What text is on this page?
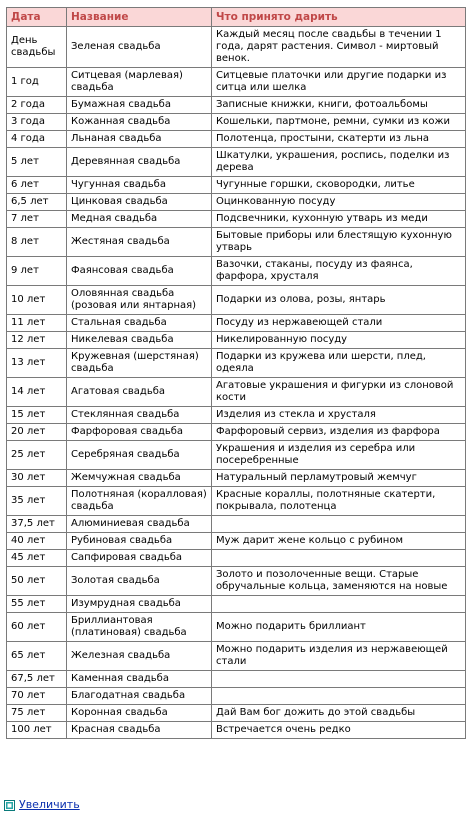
Дата	Название	Что принято дарить
День свадьбы	Зеленая свадьба	Каждый месяц после свадьбы в течении 1 года, дарят растения. Символ - миртовый венок.
1 год	Ситцевая (марлевая) свадьба	Ситцевые платочки или другие подарки из ситца или шелка
2 года	Бумажная свадьба	Записные книжки, книги, фотоальбомы
3 года	Кожанная свадьба	Кошельки, партмоне, ремни, сумки из кожи
4 года	Льнаная свадьба	Полотенца, простыни, скатерти из льна
5 лет	Деревянная свадьба	Шкатулки, украшения, роспись, поделки из дерева
6 лет	Чугунная свадьба	Чугунные горшки, сковородки, литье
6,5 лет	Цинковая свадьба	Оцинкованную посуду
7 лет	Медная свадьба	Подсвечники, кухонную утварь из меди
8 лет	Жестяная свадьба	Бытовые приборы или блестящую кухонную утварь
9 лет	Фаянсовая свадьба	Вазочки, стаканы, посуду из фаянса, фарфора, хрусталя
10 лет	Оловянная свадьба (розовая или янтарная)	Подарки из олова, розы, янтарь
11 лет	Стальная свадьба	Посуду из нержавеющей стали
12 лет	Никелевая свадьба	Никелированную посуду
13 лет	Кружевная (шерстяная) свадьба	Подарки из кружева или шерсти, плед, одеяла
14 лет	Агатовая свадьба	Агатовые украшения и фигурки из слоновой кости
15 лет	Стеклянная свадьба	Изделия из стекла и хрусталя
20 лет	Фарфоровая свадьба	Фарфоровый сервиз, изделия из фарфора
25 лет	Серебряная свадьба	Украшения и изделия из серебра или посеребренные
30 лет	Жемчужная свадьба	Натуральный перламутровый жемчуг
35 лет	Полотняная (коралловая) свадьба	Красные кораллы, полотняные скатерти, покрывала, полотенца
37,5 лет	Алюминиевая свадьба	
40 лет	Рубиновая свадьба	Муж дарит жене кольцо с рубином
45 лет	Сапфировая свадьба	
50 лет	Золотая свадьба	Золото и позолоченные вещи. Старые обручальные кольца, заменяются на новые
55 лет	Изумрудная свадьба	
60 лет	Бриллиантовая (платиновая) свадьба	Можно подарить бриллиант
65 лет	Железная свадьба	Можно подарить изделия из нержавеющей стали
67,5 лет	Каменная свадьба	
70 лет	Благодатная свадьба	
75 лет	Коронная свадьба	Дай Вам бог дожить до этой свадьбы
100 лет	Красная свадьба	Встречается очень редко
Увеличить
